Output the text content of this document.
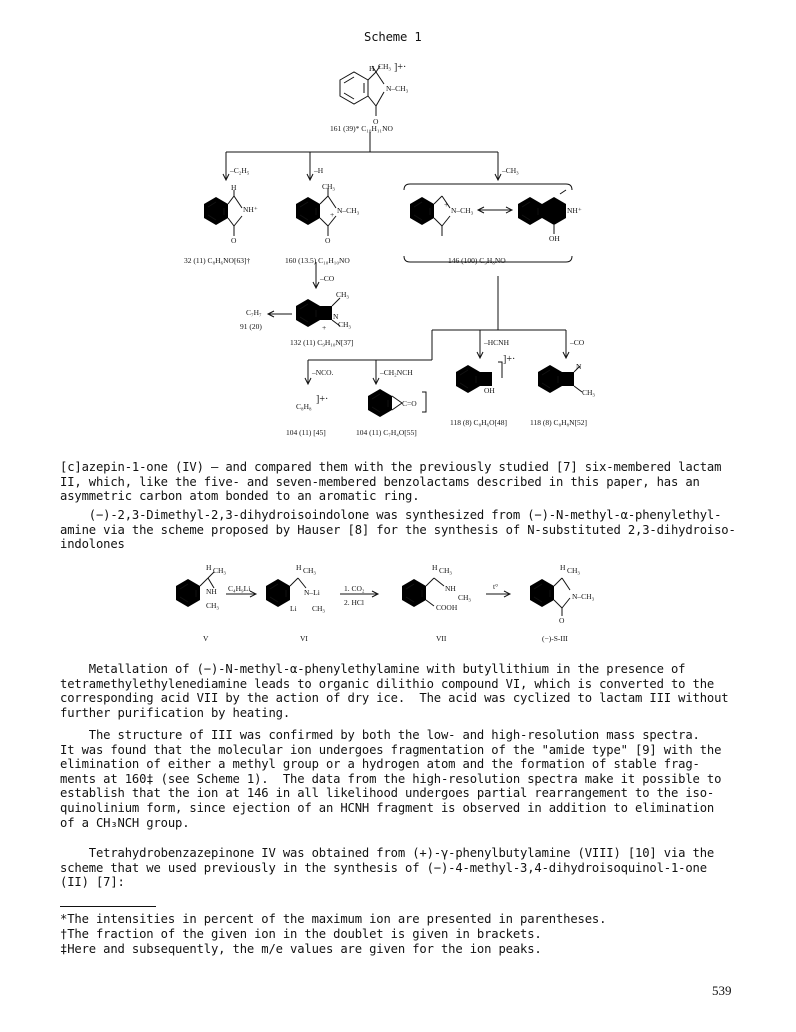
Scheme 1
H CH₃
N–CH₃
O
]+·
161 (39)* C₁₀H₁₁NO
–C₂H₅	–H	–CH₃
H
NH⁺
O
32 (11) C₈H₆NO[63]†
CH₃
N–CH₃
+
O
160 (13.5) C₁₀H₁₀NO
N–CH₃
+
NH⁺
OH
146 (100) C₉H₈NO
–CO
CH₃
CH₃
N
+
132 (11) C₉H₁₀N[37]
C₇H₇
91 (20)
–HCNH	–CO
–NCO.	–CH₂NCH
C₈H₈
]+·	C=O
OH
N
CH₃
]+·
104 (11) [45]	104 (11) C₇H₄O[55]
118 (8) C₈H₆O[48]	118 (8) C₈H₈N[52]
[c]azepin-1-one (IV) — and compared them with the previously studied [7] six-membered lactam
II, which, like the five- and seven-membered benzolactams described in this paper, has an
asymmetric carbon atom bonded to an aromatic ring.
(−)-2,3-Dimethyl-2,3-dihydroisoindolone was synthesized from (−)-N-methyl-α-phenylethyl-
amine via the scheme proposed by Hauser [8] for the synthesis of N-substituted 2,3-dihydroiso-
indolones
H CH₃
NH
CH₃
C₄H₉Li
H CH₃
N–Li
Li CH₃
1. CO₂
2. HCl
H CH₃
NH
CH₃
COOH
t°
H CH₃
N–CH₃
O
V	VI	VII	(−)-S-III
Metallation of (−)-N-methyl-α-phenylethylamine with butyllithium in the presence of
tetramethylethylenediamine leads to organic dilithio compound VI, which is converted to the
corresponding acid VII by the action of dry ice.  The acid was cyclized to lactam III without
further purification by heating.
The structure of III was confirmed by both the low- and high-resolution mass spectra.
It was found that the molecular ion undergoes fragmentation of the "amide type" [9] with the
elimination of either a methyl group or a hydrogen atom and the formation of stable frag-
ments at 160‡ (see Scheme 1).  The data from the high-resolution spectra make it possible to
establish that the ion at 146 in all likelihood undergoes partial rearrangement to the iso-
quinolinium form, since ejection of an HCNH fragment is observed in addition to elimination
of a CH₃NCH group.
Tetrahydrobenzazepinone IV was obtained from (+)-γ-phenylbutylamine (VIII) [10] via the
scheme that we used previously in the synthesis of (−)-4-methyl-3,4-dihydroisoquinol-1-one
(II) [7]:
*The intensities in percent of the maximum ion are presented in parentheses.
†The fraction of the given ion in the doublet is given in brackets.
‡Here and subsequently, the m/e values are given for the ion peaks.
539
